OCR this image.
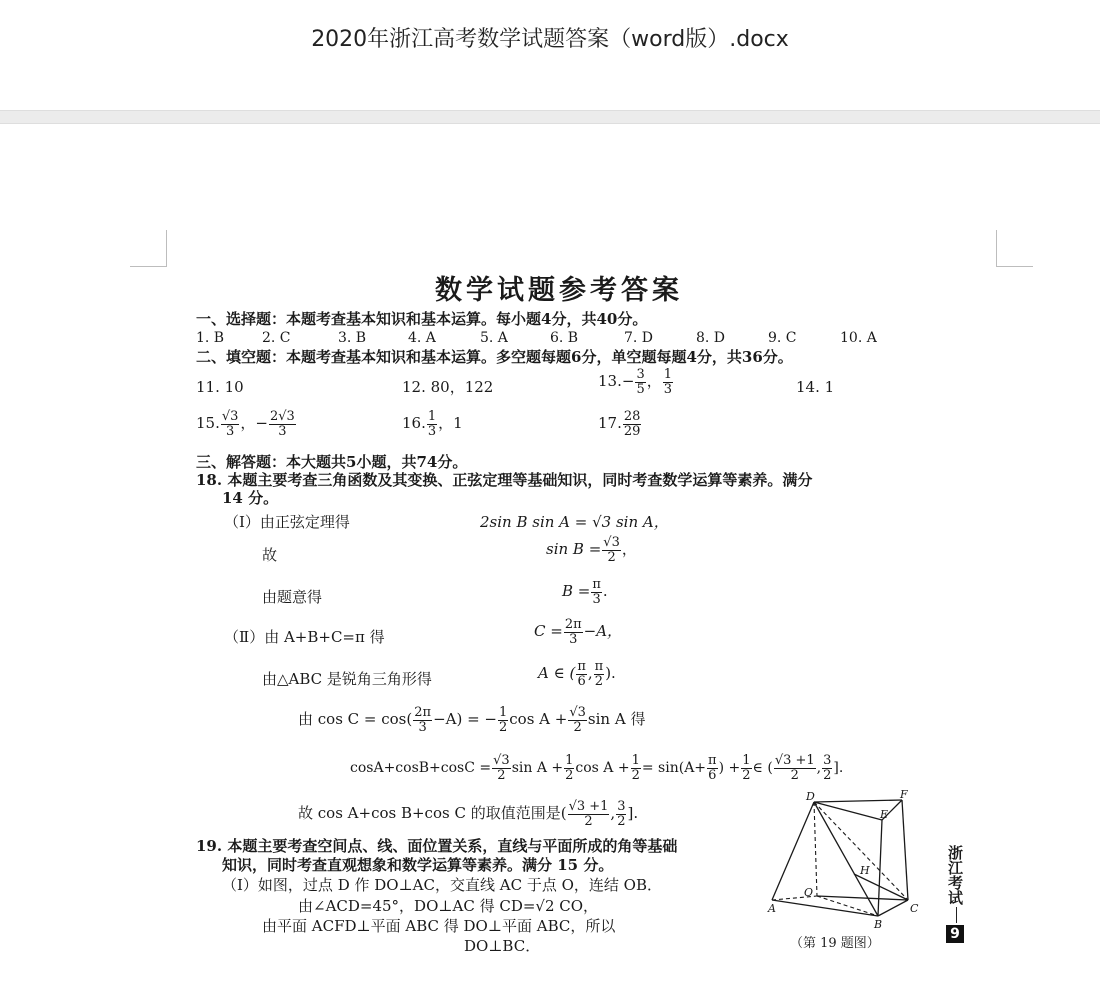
2020年浙江高考数学试题答案（word版）.docx
数学试题参考答案
一、选择题：本题考查基本知识和基本运算。每小题4分，共40分。
1. B	2. C	3. B	4. A	5. A	6. B	7. D	8. D	9. C	10. A
二、填空题：本题考查基本知识和基本运算。多空题每题6分，单空题每题4分，共36分。
11. 10	12. 80，122	$13.- \frac{3}{5}$ ， $\frac{1}{3}$	14. 1
15. $\frac{√3}{3}$ ，− $\frac{2√3}{3}$	16. $\frac{1}{3}$ ，1	17. $\frac{28}{29}$
三、解答题：本大题共5小题，共74分。
18. 本题主要考查三角函数及其变换、正弦定理等基础知识，同时考查数学运算等素养。满分
14 分。
（Ⅰ）由正弦定理得	2sin B sin A = √3 sin A，
故	$\sin B = \frac{√3}{2}$ ，
由题意得	$B = \frac{\pi}{3}$ .
（Ⅱ）由 A+B+C=π 得	$C = \frac{2\pi}{3} -A$，
由△ABC 是锐角三角形得	A ∈ ( $\frac{\pi}{6}$ , $\frac{\pi}{2}$ ).
由 $\cos C = \cos( \frac{2\pi}{3} -A)$ = − $\frac{1}{2}$ $\cos A + \frac{√3}{2}$ sin A 得
$\cos A+\cos B+\cos C = \frac{√3}{2}$ $\sin A + \frac{1}{2}$ $\cos A + \frac{1}{2} = \sin(A+ \frac{\pi}{6}$ ) + $\frac{1}{2}$ ∈ ( $\frac{√3 +1}{2}$ , $\frac{3}{2}$ ].
故 cos A+cos B+cos C 的取值范围是( $\frac{√3 +1}{2}$ , $\frac{3}{2}$ ].
19. 本题主要考查空间点、线、面位置关系，直线与平面所成的角等基础
知识，同时考查直观想象和数学运算等素养。满分 15 分。
（Ⅰ）如图，过点 D 作 DO⊥AC，交直线 AC 于点 O，连结 OB．
由∠ACD=45°，DO⊥AC 得 CD=√2 CO，
由平面 ACFD⊥平面 ABC 得 DO⊥平面 ABC，所以
DO⊥BC．
D	F
E
H
O
A
B
C
（第 19 题图）
浙江考试
9
